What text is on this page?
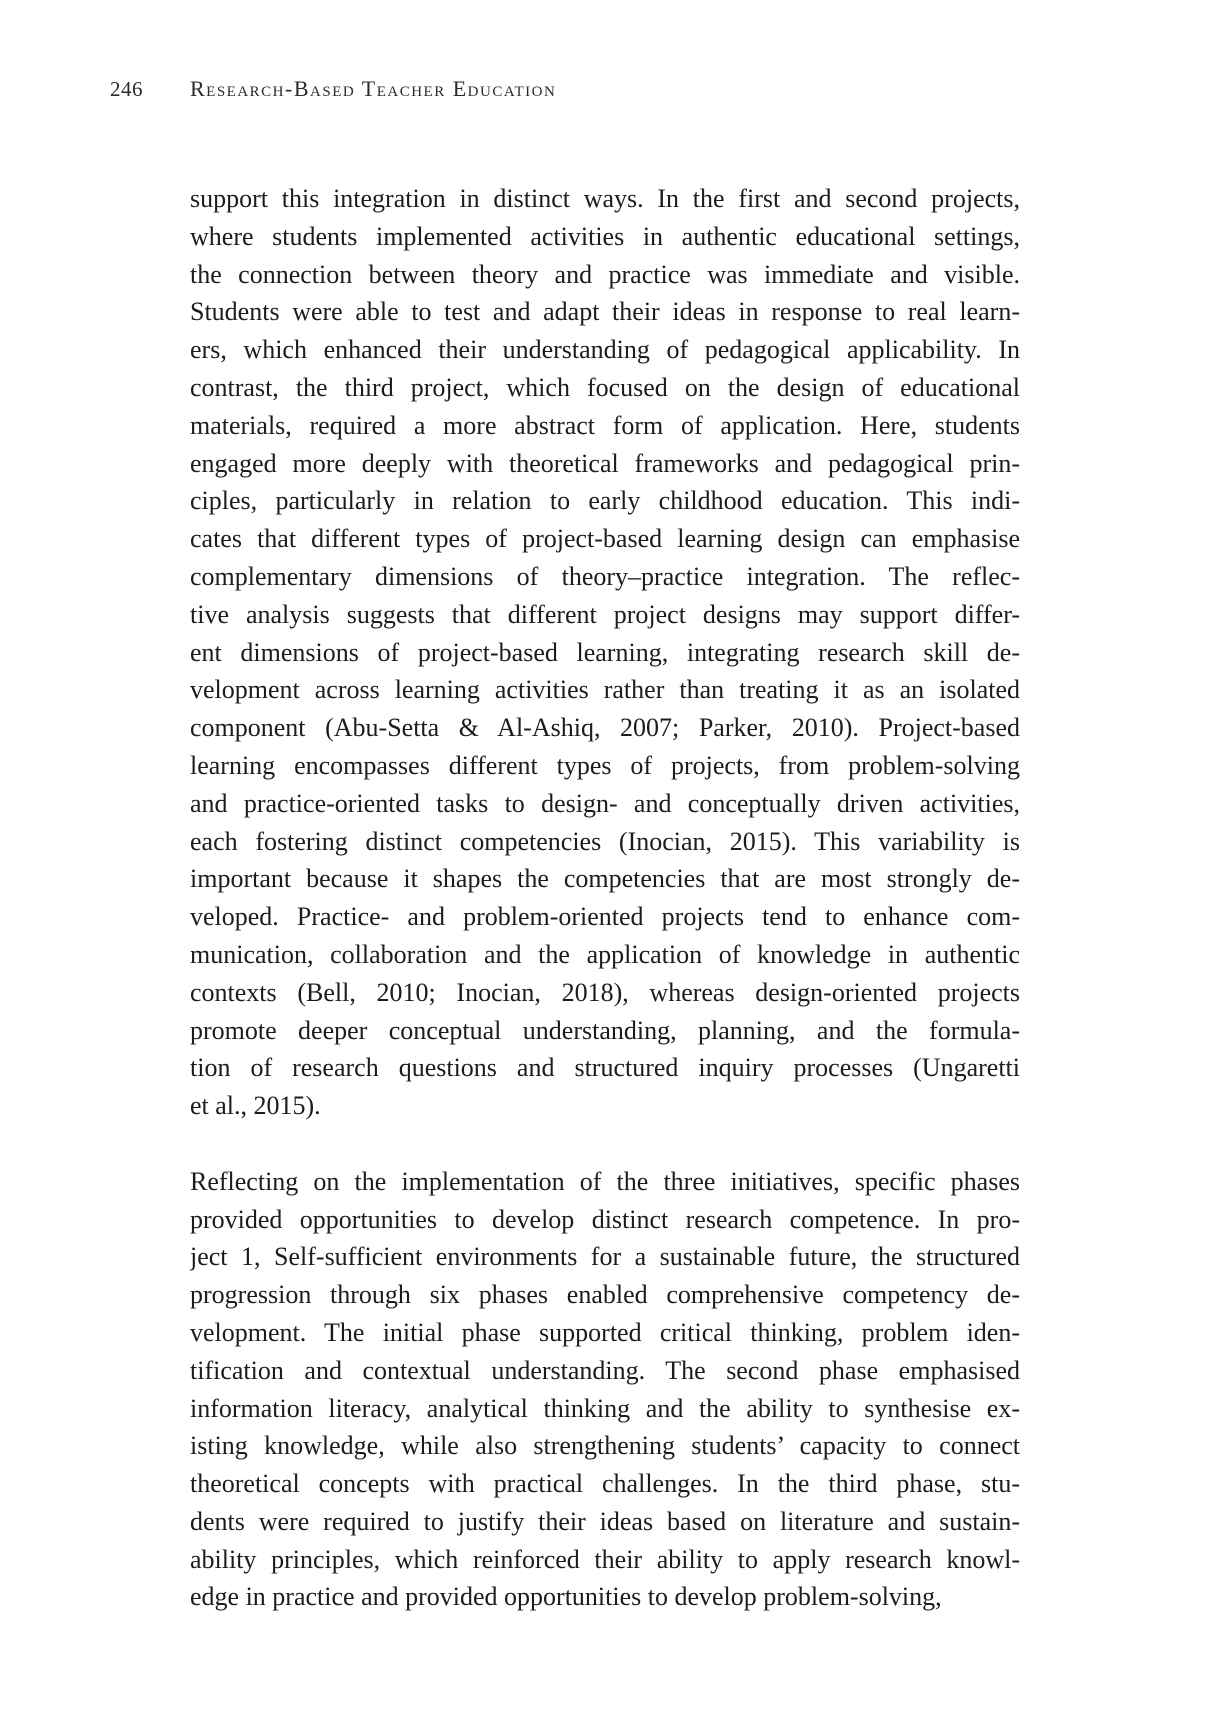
246 Research-Based Teacher Education
support this integration in distinct ways. In the first and second projects,
where students implemented activities in authentic educational settings,
the connection between theory and practice was immediate and visible.
Students were able to test and adapt their ideas in response to real learn-
ers, which enhanced their understanding of pedagogical applicability. In
contrast, the third project, which focused on the design of educational
materials, required a more abstract form of application. Here, students
engaged more deeply with theoretical frameworks and pedagogical prin-
ciples, particularly in relation to early childhood education. This indi-
cates that different types of project-based learning design can emphasise
complementary dimensions of theory–practice integration. The reflec-
tive analysis suggests that different project designs may support differ-
ent dimensions of project-based learning, integrating research skill de-
velopment across learning activities rather than treating it as an isolated
component (Abu-Setta & Al-Ashiq, 2007; Parker, 2010). Project-based
learning encompasses different types of projects, from problem-solving
and practice-oriented tasks to design- and conceptually driven activities,
each fostering distinct competencies (Inocian, 2015). This variability is
important because it shapes the competencies that are most strongly de-
veloped. Practice- and problem-oriented projects tend to enhance com-
munication, collaboration and the application of knowledge in authentic
contexts (Bell, 2010; Inocian, 2018), whereas design-oriented projects
promote deeper conceptual understanding, planning, and the formula-
tion of research questions and structured inquiry processes (Ungaretti
et al., 2015).
Reflecting on the implementation of the three initiatives, specific phases
provided opportunities to develop distinct research competence. In pro-
ject 1, Self-sufficient environments for a sustainable future, the structured
progression through six phases enabled comprehensive competency de-
velopment. The initial phase supported critical thinking, problem iden-
tification and contextual understanding. The second phase emphasised
information literacy, analytical thinking and the ability to synthesise ex-
isting knowledge, while also strengthening students’ capacity to connect
theoretical concepts with practical challenges. In the third phase, stu-
dents were required to justify their ideas based on literature and sustain-
ability principles, which reinforced their ability to apply research knowl-
edge in practice and provided opportunities to develop problem-solving,
